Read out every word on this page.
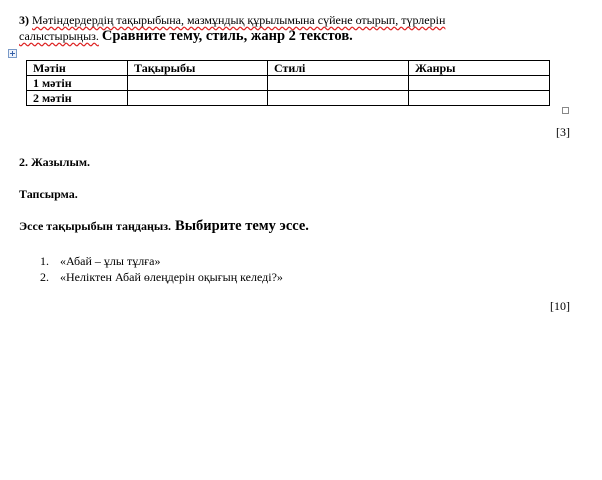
3) Мәтіндердердің тақырыбына, мазмұндық құрылымына сүйене отырып, түрлерін
салыстырыңыз. Сравните тему, стиль, жанр 2 текстов.
Мәтін	Тақырыбы	Стилі	Жанры
1 мәтін			
2 мәтін			
[3]
2. Жазылым.
Тапсырма.
Эссе тақырыбын таңдаңыз. Выбирите тему эссе.
1. «Абай – ұлы тұлға»
2. «Неліктен Абай өлеңдерін оқығың келеді?»
[10]
